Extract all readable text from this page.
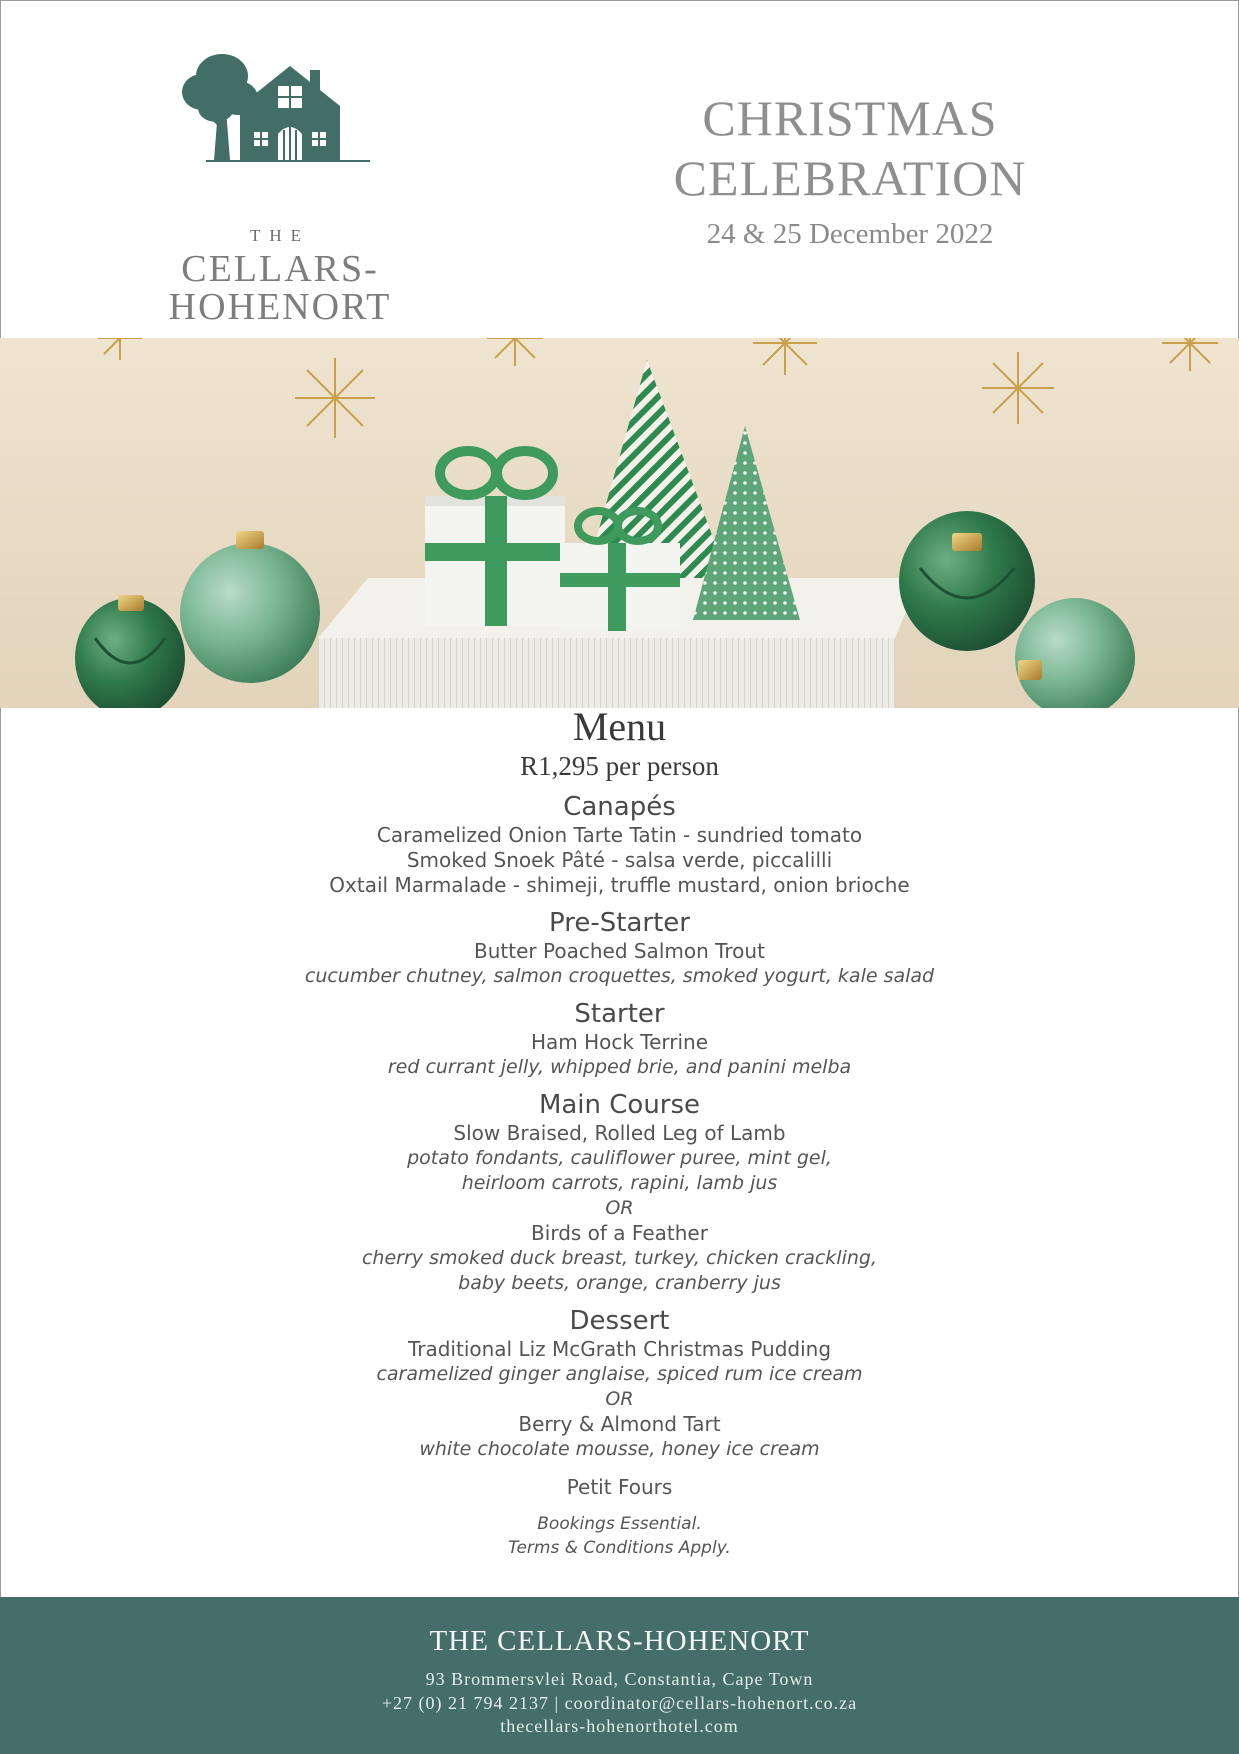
THE
CELLARS-
HOHENORT
CHRISTMAS
CELEBRATION
24 & 25 December 2022
Menu
R1,295 per person
Canapés
Caramelized Onion Tarte Tatin - sundried tomato
Smoked Snoek Pâté - salsa verde, piccalilli
Oxtail Marmalade - shimeji, truffle mustard, onion brioche
Pre-Starter
Butter Poached Salmon Trout
cucumber chutney, salmon croquettes, smoked yogurt, kale salad
Starter
Ham Hock Terrine
red currant jelly, whipped brie, and panini melba
Main Course
Slow Braised, Rolled Leg of Lamb
potato fondants, cauliflower puree, mint gel,
heirloom carrots, rapini, lamb jus
OR
Birds of a Feather
cherry smoked duck breast, turkey, chicken crackling,
baby beets, orange, cranberry jus
Dessert
Traditional Liz McGrath Christmas Pudding
caramelized ginger anglaise, spiced rum ice cream
OR
Berry & Almond Tart
white chocolate mousse, honey ice cream
Petit Fours
Bookings Essential.
Terms & Conditions Apply.
THE CELLARS-HOHENORT
93 Brommersvlei Road, Constantia, Cape Town
+27 (0) 21 794 2137 | coordinator@cellars-hohenort.co.za
thecellars-hohenorthotel.com
